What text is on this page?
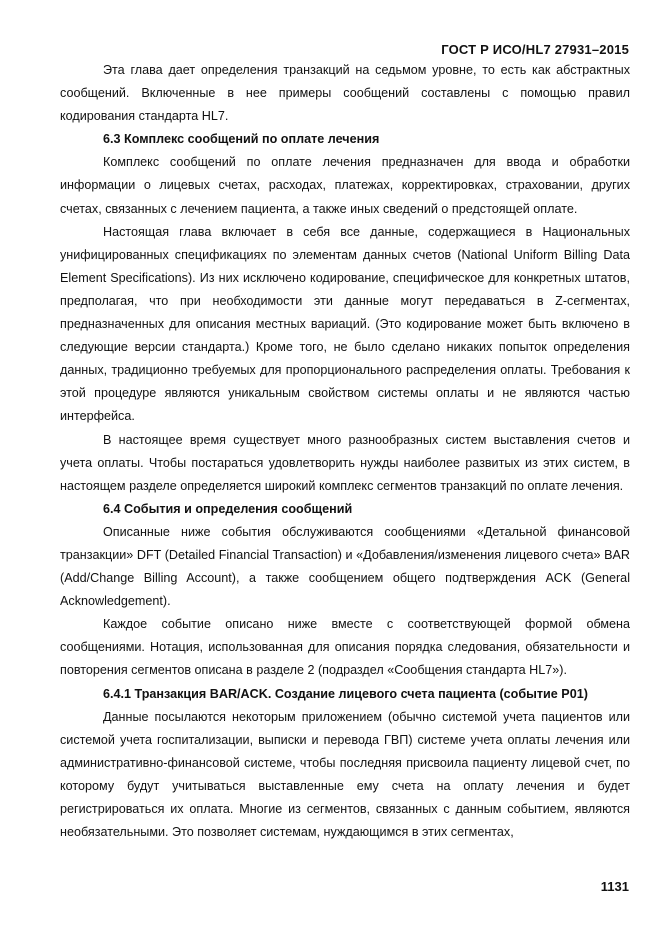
ГОСТ Р ИСО/HL7 27931–2015

Эта глава дает определения транзакций на седьмом уровне, то есть как абстрактных сообщений. Включенные в нее примеры сообщений составлены с помощью правил кодирования стандарта HL7.

6.3 Комплекс сообщений по оплате лечения

Комплекс сообщений по оплате лечения предназначен для ввода и обработки информации о лицевых счетах, расходах, платежах, корректировках, страховании, других счетах, связанных с лечением пациента, а также иных сведений о предстоящей оплате.

Настоящая глава включает в себя все данные, содержащиеся в Национальных унифицированных спецификациях по элементам данных счетов (National Uniform Billing Data Element Specifications). Из них исключено кодирование, специфическое для конкретных штатов, предполагая, что при необходимости эти данные могут передаваться в Z-сегментах, предназначенных для описания местных вариаций. (Это кодирование может быть включено в следующие версии стандарта.) Кроме того, не было сделано никаких попыток определения данных, традиционно требуемых для пропорционального распределения оплаты. Требования к этой процедуре являются уникальным свойством системы оплаты и не являются частью интерфейса.

В настоящее время существует много разнообразных систем выставления счетов и учета оплаты. Чтобы постараться удовлетворить нужды наиболее развитых из этих систем, в настоящем разделе определяется широкий комплекс сегментов транзакций по оплате лечения.

6.4 События и определения сообщений

Описанные ниже события обслуживаются сообщениями «Детальной финансовой транзакции» DFT (Detailed Financial Transaction) и «Добавления/изменения лицевого счета» BAR (Add/Change Billing Account), а также сообщением общего подтверждения ACK (General Acknowledgement).

Каждое событие описано ниже вместе с соответствующей формой обмена сообщениями. Нотация, использованная для описания порядка следования, обязательности и повторения сегментов описана в разделе 2 (подраздел «Сообщения стандарта HL7»).

6.4.1 Транзакция BAR/ACK. Создание лицевого счета пациента (событие P01)

Данные посылаются некоторым приложением (обычно системой учета пациентов или системой учета госпитализации, выписки и перевода ГВП) системе учета оплаты лечения или административно-финансовой системе, чтобы последняя присвоила пациенту лицевой счет, по которому будут учитываться выставленные ему счета на оплату лечения и будет регистрироваться их оплата. Многие из сегментов, связанных с данным событием, являются необязательными. Это позволяет системам, нуждающимся в этих сегментах,

1131
